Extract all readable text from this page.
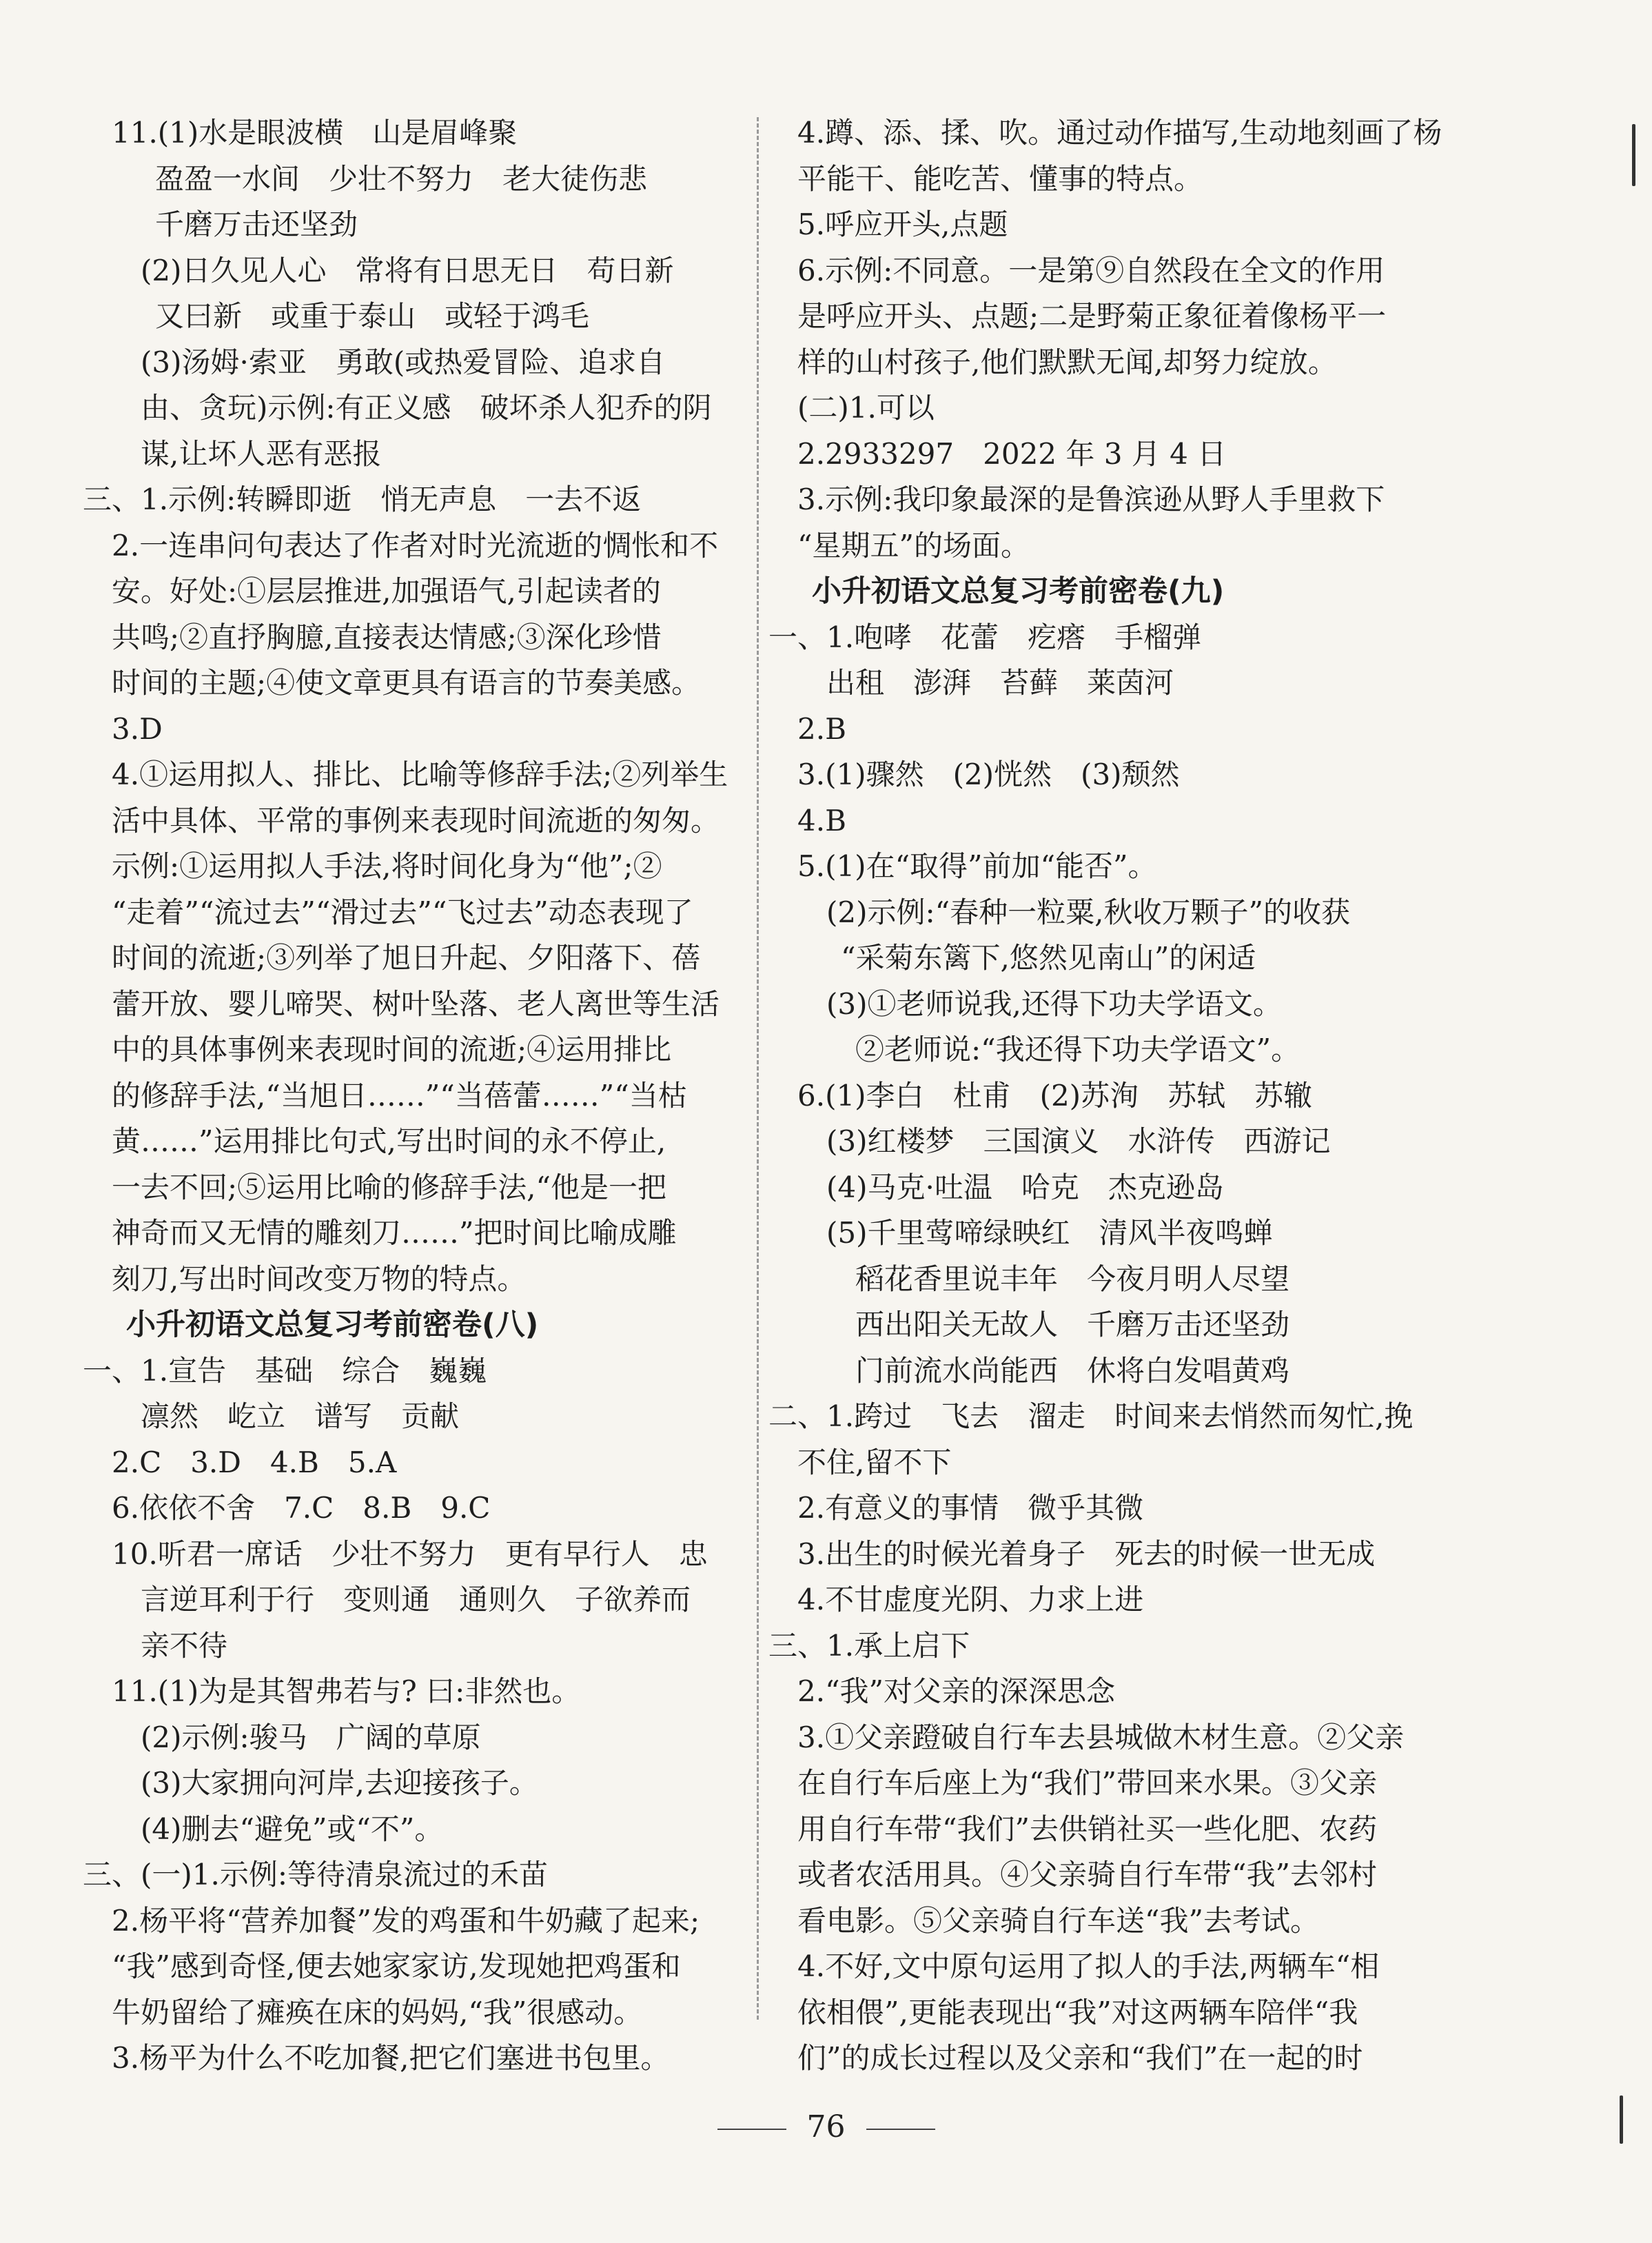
11.(1)水是眼波横　山是眉峰聚
盈盈一水间　少壮不努力　老大徒伤悲
千磨万击还坚劲
(2)日久见人心　常将有日思无日　苟日新
又曰新　或重于泰山　或轻于鸿毛
(3)汤姆·索亚　勇敢(或热爱冒险、追求自
由、贪玩)示例:有正义感　破坏杀人犯乔的阴
谋,让坏人恶有恶报
三、1.示例:转瞬即逝　悄无声息　一去不返
2.一连串问句表达了作者对时光流逝的惆怅和不
安。好处:①层层推进,加强语气,引起读者的
共鸣;②直抒胸臆,直接表达情感;③深化珍惜
时间的主题;④使文章更具有语言的节奏美感。
3.D
4.①运用拟人、排比、比喻等修辞手法;②列举生
活中具体、平常的事例来表现时间流逝的匆匆。
示例:①运用拟人手法,将时间化身为“他”;②
“走着”“流过去”“滑过去”“飞过去”动态表现了
时间的流逝;③列举了旭日升起、夕阳落下、蓓
蕾开放、婴儿啼哭、树叶坠落、老人离世等生活
中的具体事例来表现时间的流逝;④运用排比
的修辞手法,“当旭日……”“当蓓蕾……”“当枯
黄……”运用排比句式,写出时间的永不停止,
一去不回;⑤运用比喻的修辞手法,“他是一把
神奇而又无情的雕刻刀……”把时间比喻成雕
刻刀,写出时间改变万物的特点。
小升初语文总复习考前密卷(八)
一、1.宣告　基础　综合　巍巍
凛然　屹立　谱写　贡献
2.C　3.D　4.B　5.A
6.依依不舍　7.C　8.B　9.C
10.听君一席话　少壮不努力　更有早行人　忠
言逆耳利于行　变则通　通则久　子欲养而
亲不待
11.(1)为是其智弗若与? 曰:非然也。
(2)示例:骏马　广阔的草原
(3)大家拥向河岸,去迎接孩子。
(4)删去“避免”或“不”。
三、(一)1.示例:等待清泉流过的禾苗
2.杨平将“营养加餐”发的鸡蛋和牛奶藏了起来;
“我”感到奇怪,便去她家家访,发现她把鸡蛋和
牛奶留给了瘫痪在床的妈妈,“我”很感动。
3.杨平为什么不吃加餐,把它们塞进书包里。
4.蹲、添、揉、吹。通过动作描写,生动地刻画了杨
平能干、能吃苦、懂事的特点。
5.呼应开头,点题
6.示例:不同意。一是第⑨自然段在全文的作用
是呼应开头、点题;二是野菊正象征着像杨平一
样的山村孩子,他们默默无闻,却努力绽放。
(二)1.可以
2.2933297　2022 年 3 月 4 日
3.示例:我印象最深的是鲁滨逊从野人手里救下
“星期五”的场面。
小升初语文总复习考前密卷(九)
一、1.咆哮　花蕾　疙瘩　手榴弹
出租　澎湃　苔藓　莱茵河
2.B
3.(1)骤然　(2)恍然　(3)颓然
4.B
5.(1)在“取得”前加“能否”。
(2)示例:“春种一粒粟,秋收万颗子”的收获
“采菊东篱下,悠然见南山”的闲适
(3)①老师说我,还得下功夫学语文。
②老师说:“我还得下功夫学语文”。
6.(1)李白　杜甫　(2)苏洵　苏轼　苏辙
(3)红楼梦　三国演义　水浒传　西游记
(4)马克·吐温　哈克　杰克逊岛
(5)千里莺啼绿映红　清风半夜鸣蝉
稻花香里说丰年　今夜月明人尽望
西出阳关无故人　千磨万击还坚劲
门前流水尚能西　休将白发唱黄鸡
二、1.跨过　飞去　溜走　时间来去悄然而匆忙,挽
不住,留不下
2.有意义的事情　微乎其微
3.出生的时候光着身子　死去的时候一世无成
4.不甘虚度光阴、力求上进
三、1.承上启下
2.“我”对父亲的深深思念
3.①父亲蹬破自行车去县城做木材生意。②父亲
在自行车后座上为“我们”带回来水果。③父亲
用自行车带“我们”去供销社买一些化肥、农药
或者农活用具。④父亲骑自行车带“我”去邻村
看电影。⑤父亲骑自行车送“我”去考试。
4.不好,文中原句运用了拟人的手法,两辆车“相
依相偎”,更能表现出“我”对这两辆车陪伴“我
们”的成长过程以及父亲和“我们”在一起的时
76
